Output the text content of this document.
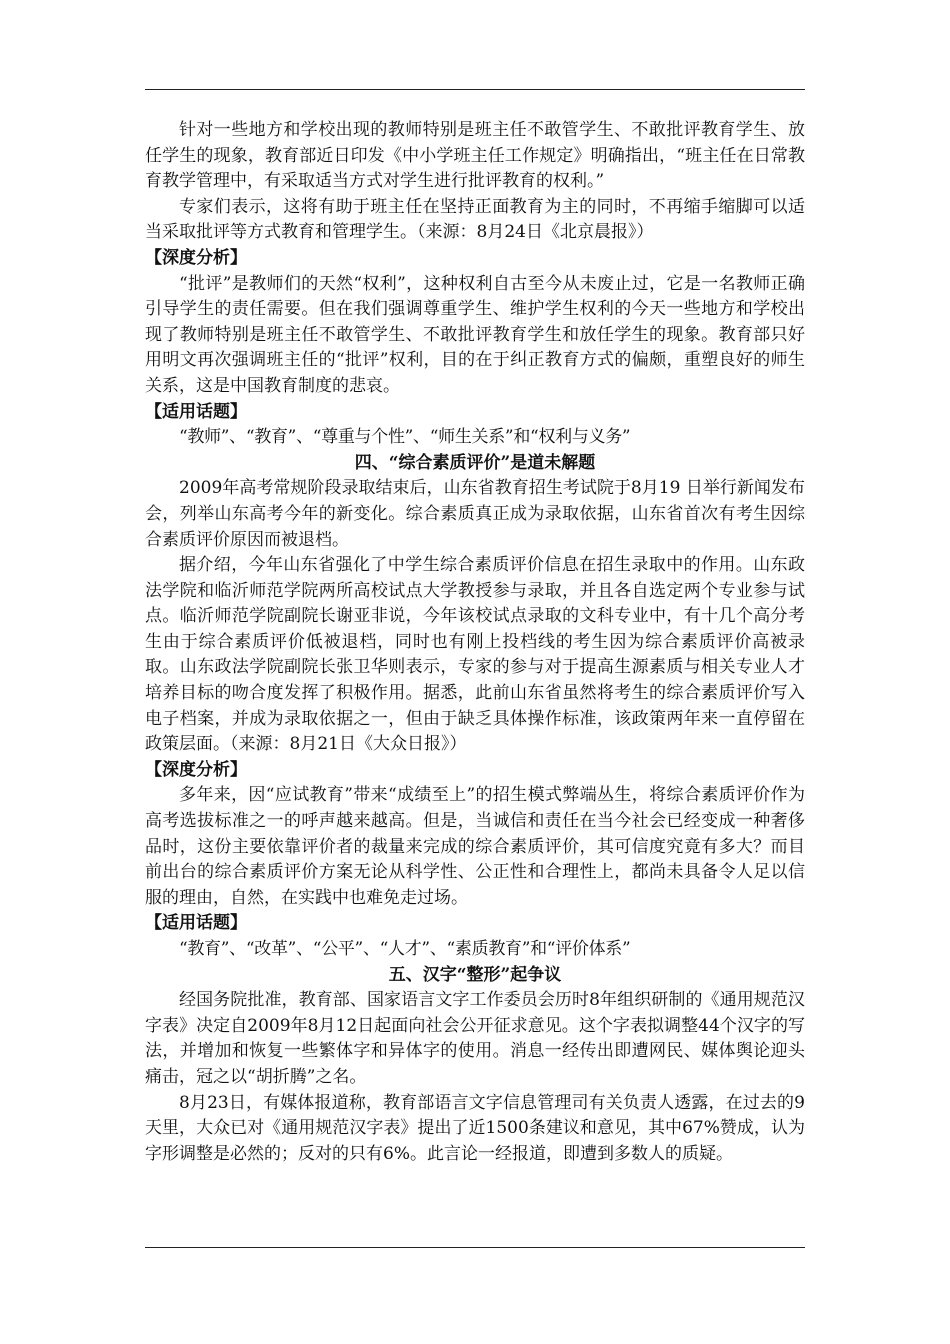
针对一些地方和学校出现的教师特别是班主任不敢管学生、不敢批评教育学生、放任学生的现象，教育部近日印发《中小学班主任工作规定》明确指出，“班主任在日常教育教学管理中，有采取适当方式对学生进行批评教育的权利。”

专家们表示，这将有助于班主任在坚持正面教育为主的同时，不再缩手缩脚可以适当采取批评等方式教育和管理学生。（来源：8月24日《北京晨报》）

【深度分析】

“批评”是教师们的天然“权利”，这种权利自古至今从未废止过，它是一名教师正确引导学生的责任需要。但在我们强调尊重学生、维护学生权利的今天一些地方和学校出现了教师特别是班主任不敢管学生、不敢批评教育学生和放任学生的现象。教育部只好用明文再次强调班主任的“批评”权利，目的在于纠正教育方式的偏颇，重塑良好的师生关系，这是中国教育制度的悲哀。

【适用话题】

“教师”、“教育”、“尊重与个性”、“师生关系”和“权利与义务”

四、“综合素质评价”是道未解题

2009年高考常规阶段录取结束后，山东省教育招生考试院于8月19 日举行新闻发布会，列举山东高考今年的新变化。综合素质真正成为录取依据，山东省首次有考生因综合素质评价原因而被退档。

据介绍，今年山东省强化了中学生综合素质评价信息在招生录取中的作用。山东政法学院和临沂师范学院两所高校试点大学教授参与录取，并且各自选定两个专业参与试点。临沂师范学院副院长谢亚非说，今年该校试点录取的文科专业中，有十几个高分考生由于综合素质评价低被退档，同时也有刚上投档线的考生因为综合素质评价高被录取。山东政法学院副院长张卫华则表示，专家的参与对于提高生源素质与相关专业人才培养目标的吻合度发挥了积极作用。据悉，此前山东省虽然将考生的综合素质评价写入电子档案，并成为录取依据之一，但由于缺乏具体操作标准，该政策两年来一直停留在政策层面。（来源：8月21日《大众日报》）

【深度分析】

多年来，因“应试教育”带来“成绩至上”的招生模式弊端丛生，将综合素质评价作为高考选拔标准之一的呼声越来越高。但是，当诚信和责任在当今社会已经变成一种奢侈品时，这份主要依靠评价者的裁量来完成的综合素质评价，其可信度究竟有多大？而目前出台的综合素质评价方案无论从科学性、公正性和合理性上，都尚未具备令人足以信服的理由，自然，在实践中也难免走过场。

【适用话题】

“教育”、“改革”、“公平”、“人才”、“素质教育”和“评价体系”

五、汉字“整形”起争议

经国务院批准，教育部、国家语言文字工作委员会历时8年组织研制的《通用规范汉字表》决定自2009年8月12日起面向社会公开征求意见。这个字表拟调整44个汉字的写法，并增加和恢复一些繁体字和异体字的使用。消息一经传出即遭网民、媒体舆论迎头痛击，冠之以“胡折腾”之名。

8月23日，有媒体报道称，教育部语言文字信息管理司有关负责人透露，在过去的9天里，大众已对《通用规范汉字表》提出了近1500条建议和意见，其中67%赞成，认为字形调整是必然的；反对的只有6%。此言论一经报道，即遭到多数人的质疑。
